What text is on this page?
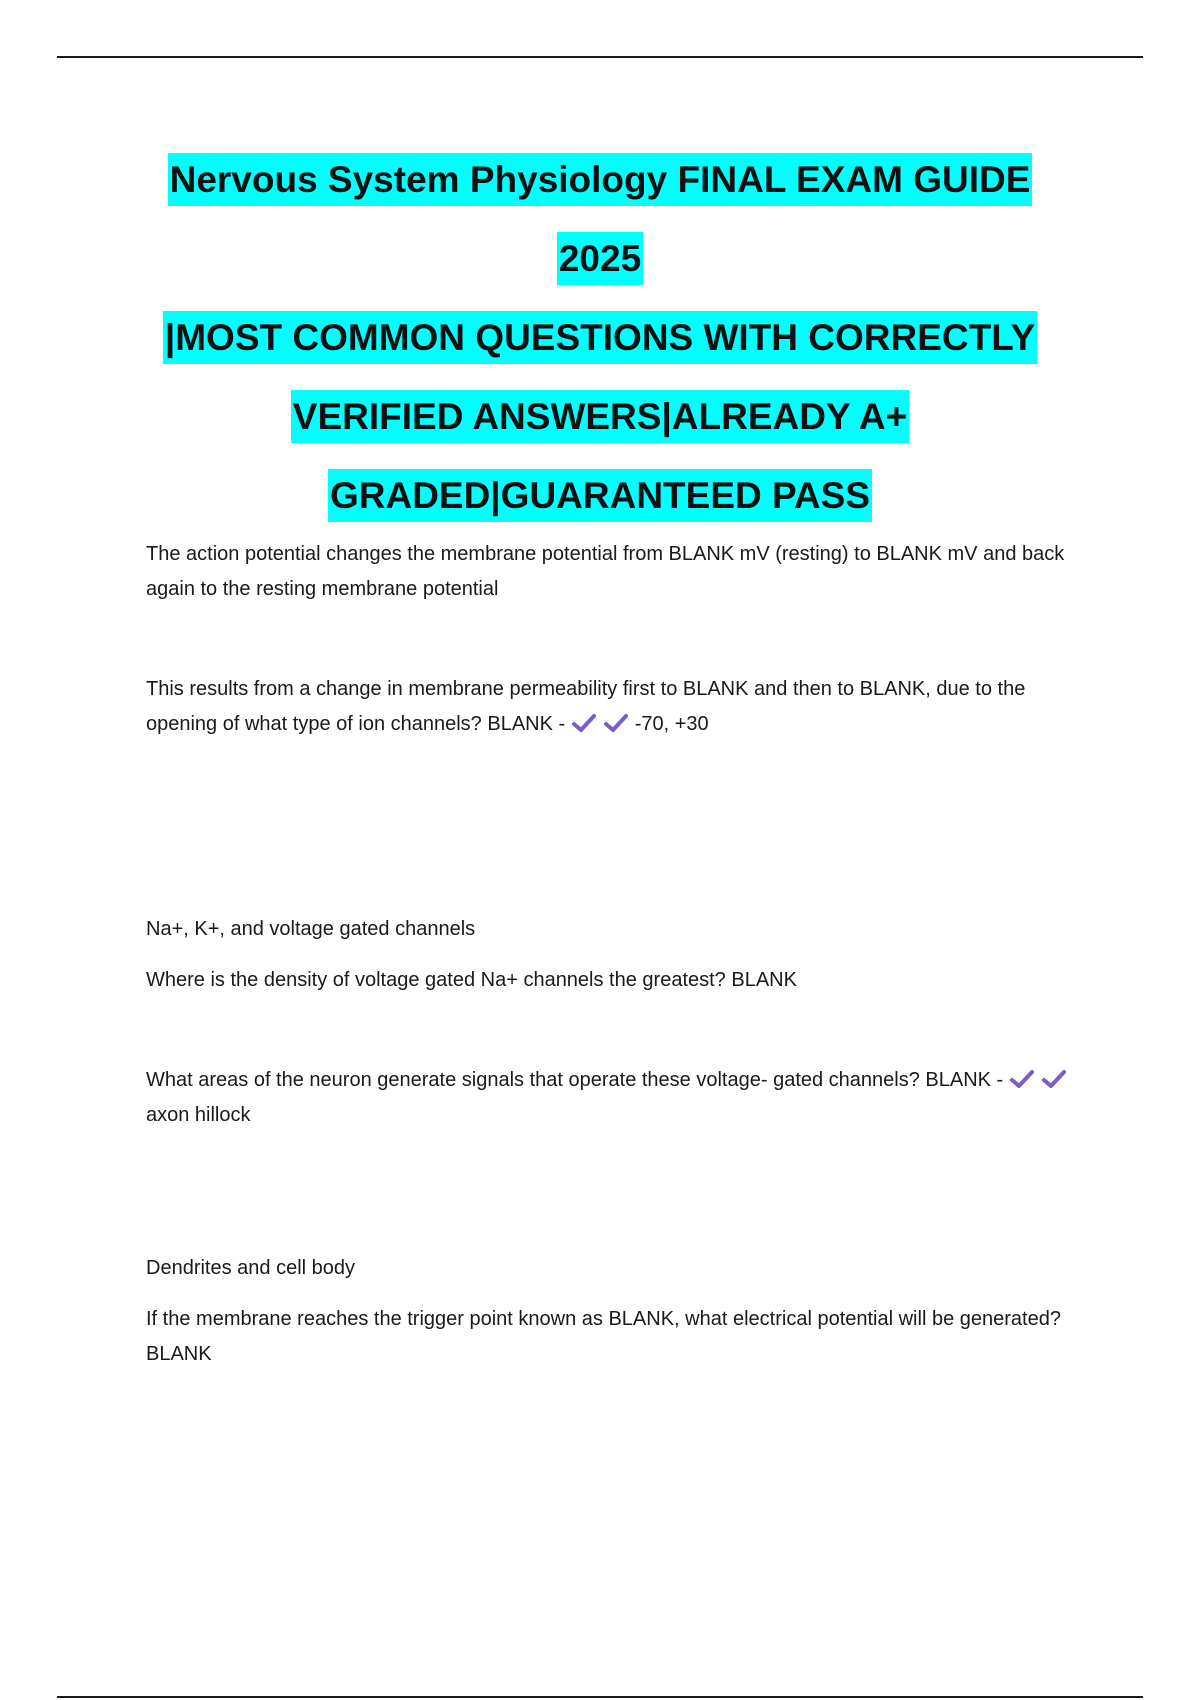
Nervous System Physiology FINAL EXAM GUIDE
2025
|MOST COMMON QUESTIONS WITH CORRECTLY
VERIFIED ANSWERS|ALREADY A+
GRADED|GUARANTEED PASS
The action potential changes the membrane potential from BLANK mV (resting) to BLANK mV and back again to the resting membrane potential
This results from a change in membrane permeability first to BLANK and then to BLANK, due to the opening of what type of ion channels? BLANK -	-70, +30
Na+, K+, and voltage gated channels
Where is the density of voltage gated Na+ channels the greatest? BLANK
What areas of the neuron generate signals that operate these voltage- gated channels? BLANK - axon hillock
Dendrites and cell body
If the membrane reaches the trigger point known as BLANK, what electrical potential will be generated? BLANK
